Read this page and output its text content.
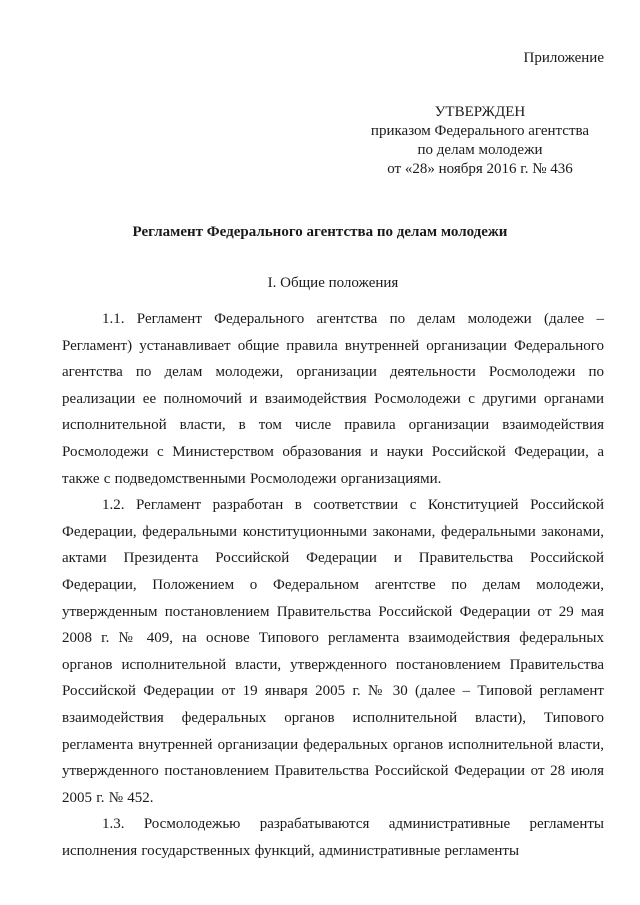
Приложение
УТВЕРЖДЕН
приказом Федерального агентства
по делам молодежи
от «28» ноября 2016 г. № 436
Регламент Федерального агентства по делам молодежи
I. Общие положения

1.1. Регламент Федерального агентства по делам молодежи (далее – Регламент) устанавливает общие правила внутренней организации Федерального агентства по делам молодежи, организации деятельности Росмолодежи по реализации ее полномочий и взаимодействия Росмолодежи с другими органами исполнительной власти, в том числе правила организации взаимодействия Росмолодежи с Министерством образования и науки Российской Федерации, а также с подведомственными Росмолодежи организациями.

1.2. Регламент разработан в соответствии с Конституцией Российской Федерации, федеральными конституционными законами, федеральными законами, актами Президента Российской Федерации и Правительства Российской Федерации, Положением о Федеральном агентстве по делам молодежи, утвержденным постановлением Правительства Российской Федерации от 29 мая 2008 г. № 409, на основе Типового регламента взаимодействия федеральных органов исполнительной власти, утвержденного постановлением Правительства Российской Федерации от 19 января 2005 г. № 30 (далее – Типовой регламент взаимодействия федеральных органов исполнительной власти), Типового регламента внутренней организации федеральных органов исполнительной власти, утвержденного постановлением Правительства Российской Федерации от 28 июля 2005 г. № 452.

1.3. Росмолодежью разрабатываются административные регламенты исполнения государственных функций, административные регламенты
